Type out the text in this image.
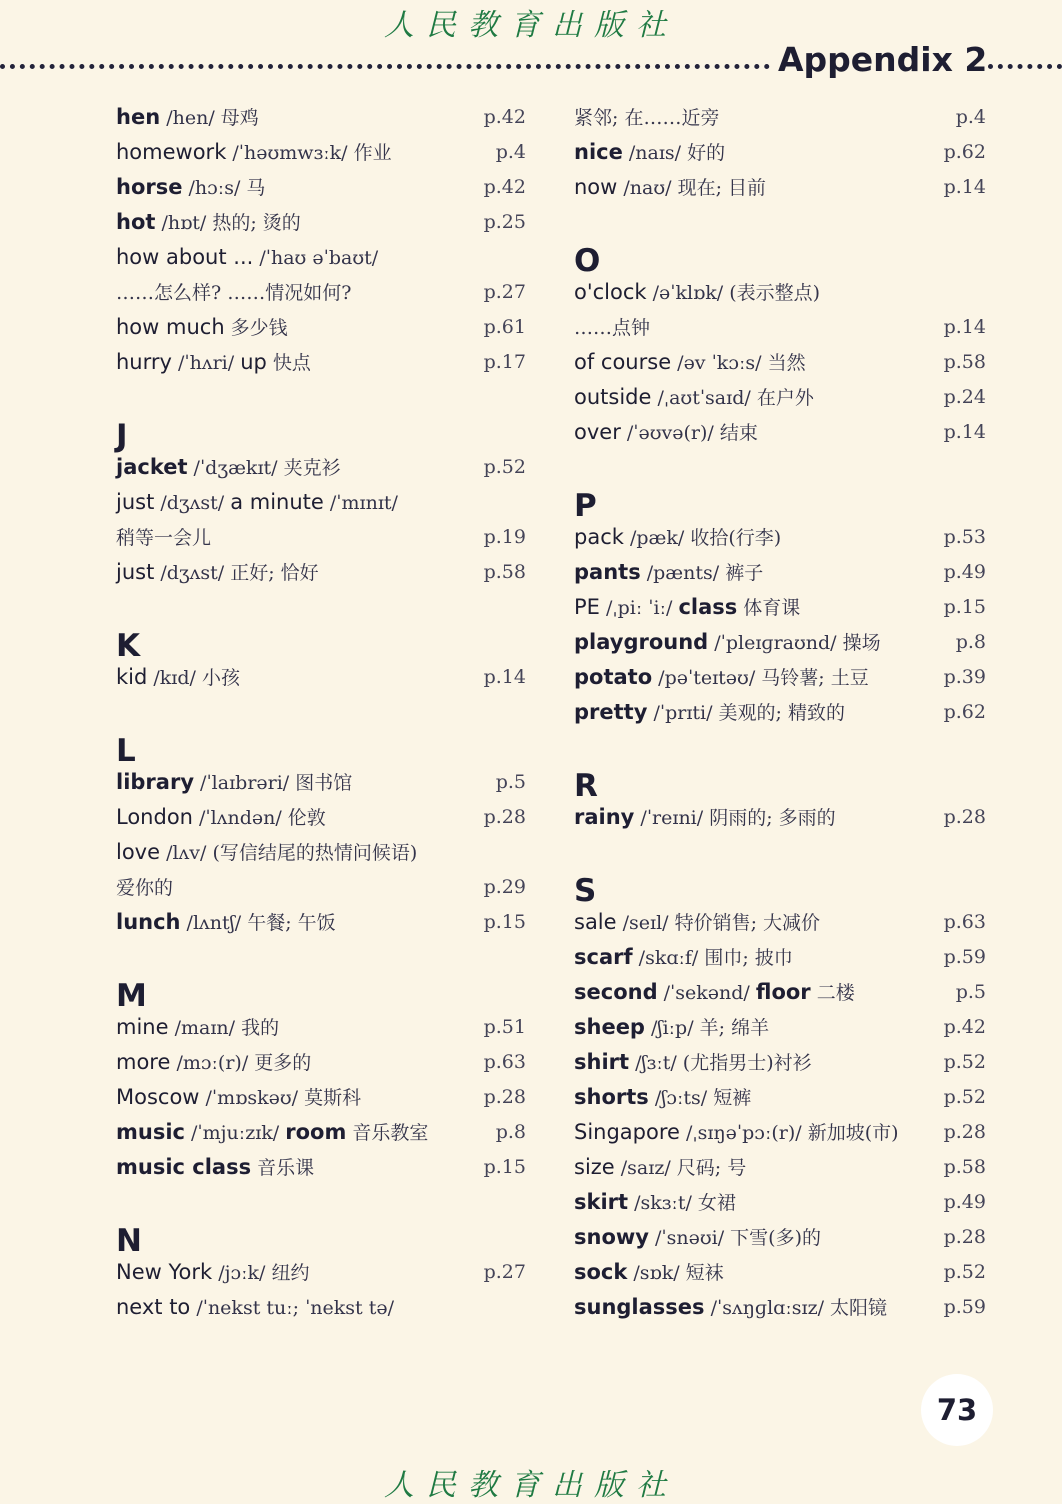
人民教育出版社
Appendix 2
hen /hen/ 母鸡	p.42
homework /ˈhəʊmwɜːk/ 作业	p.4
horse /hɔːs/ 马	p.42
hot /hɒt/ 热的; 烫的	p.25
how about ... /ˈhaʊ əˈbaʊt/
……怎么样? ……情况如何?	p.27
how much 多少钱	p.61
hurry /ˈhʌri/ up 快点	p.17
J
jacket /ˈdʒækɪt/ 夹克衫	p.52
just /dʒʌst/ a minute /ˈmɪnɪt/
稍等一会儿	p.19
just /dʒʌst/ 正好; 恰好	p.58
K
kid /kɪd/ 小孩	p.14
L
library /ˈlaɪbrəri/ 图书馆	p.5
London /ˈlʌndən/ 伦敦	p.28
love /lʌv/ (写信结尾的热情问候语)
爱你的	p.29
lunch /lʌntʃ/ 午餐; 午饭	p.15
M
mine /maɪn/ 我的	p.51
more /mɔː(r)/ 更多的	p.63
Moscow /ˈmɒskəʊ/ 莫斯科	p.28
music /ˈmjuːzɪk/ room 音乐教室	p.8
music class 音乐课	p.15
N
New York /jɔːk/ 纽约	p.27
next to /ˈnekst tuː; ˈnekst tə/
紧邻; 在……近旁	p.4
nice /naɪs/ 好的	p.62
now /naʊ/ 现在; 目前	p.14
O
o'clock /əˈklɒk/ (表示整点)
……点钟	p.14
of course /əv ˈkɔːs/ 当然	p.58
outside /ˌaʊtˈsaɪd/ 在户外	p.24
over /ˈəʊvə(r)/ 结束	p.14
P
pack /pæk/ 收拾(行李)	p.53
pants /pænts/ 裤子	p.49
PE /ˌpiː ˈiː/ class 体育课	p.15
playground /ˈpleɪɡraʊnd/ 操场	p.8
potato /pəˈteɪtəʊ/ 马铃薯; 土豆	p.39
pretty /ˈprɪti/ 美观的; 精致的	p.62
R
rainy /ˈreɪni/ 阴雨的; 多雨的	p.28
S
sale /seɪl/ 特价销售; 大减价	p.63
scarf /skɑːf/ 围巾; 披巾	p.59
second /ˈsekənd/ floor 二楼	p.5
sheep /ʃiːp/ 羊; 绵羊	p.42
shirt /ʃɜːt/ (尤指男士)衬衫	p.52
shorts /ʃɔːts/ 短裤	p.52
Singapore /ˌsɪŋəˈpɔː(r)/ 新加坡(市) p.28
size /saɪz/ 尺码; 号	p.58
skirt /skɜːt/ 女裙	p.49
snowy /ˈsnəʊi/ 下雪(多)的	p.28
sock /sɒk/ 短袜	p.52
sunglasses /ˈsʌŋɡlɑːsɪz/ 太阳镜	p.59
73
人民教育出版社
